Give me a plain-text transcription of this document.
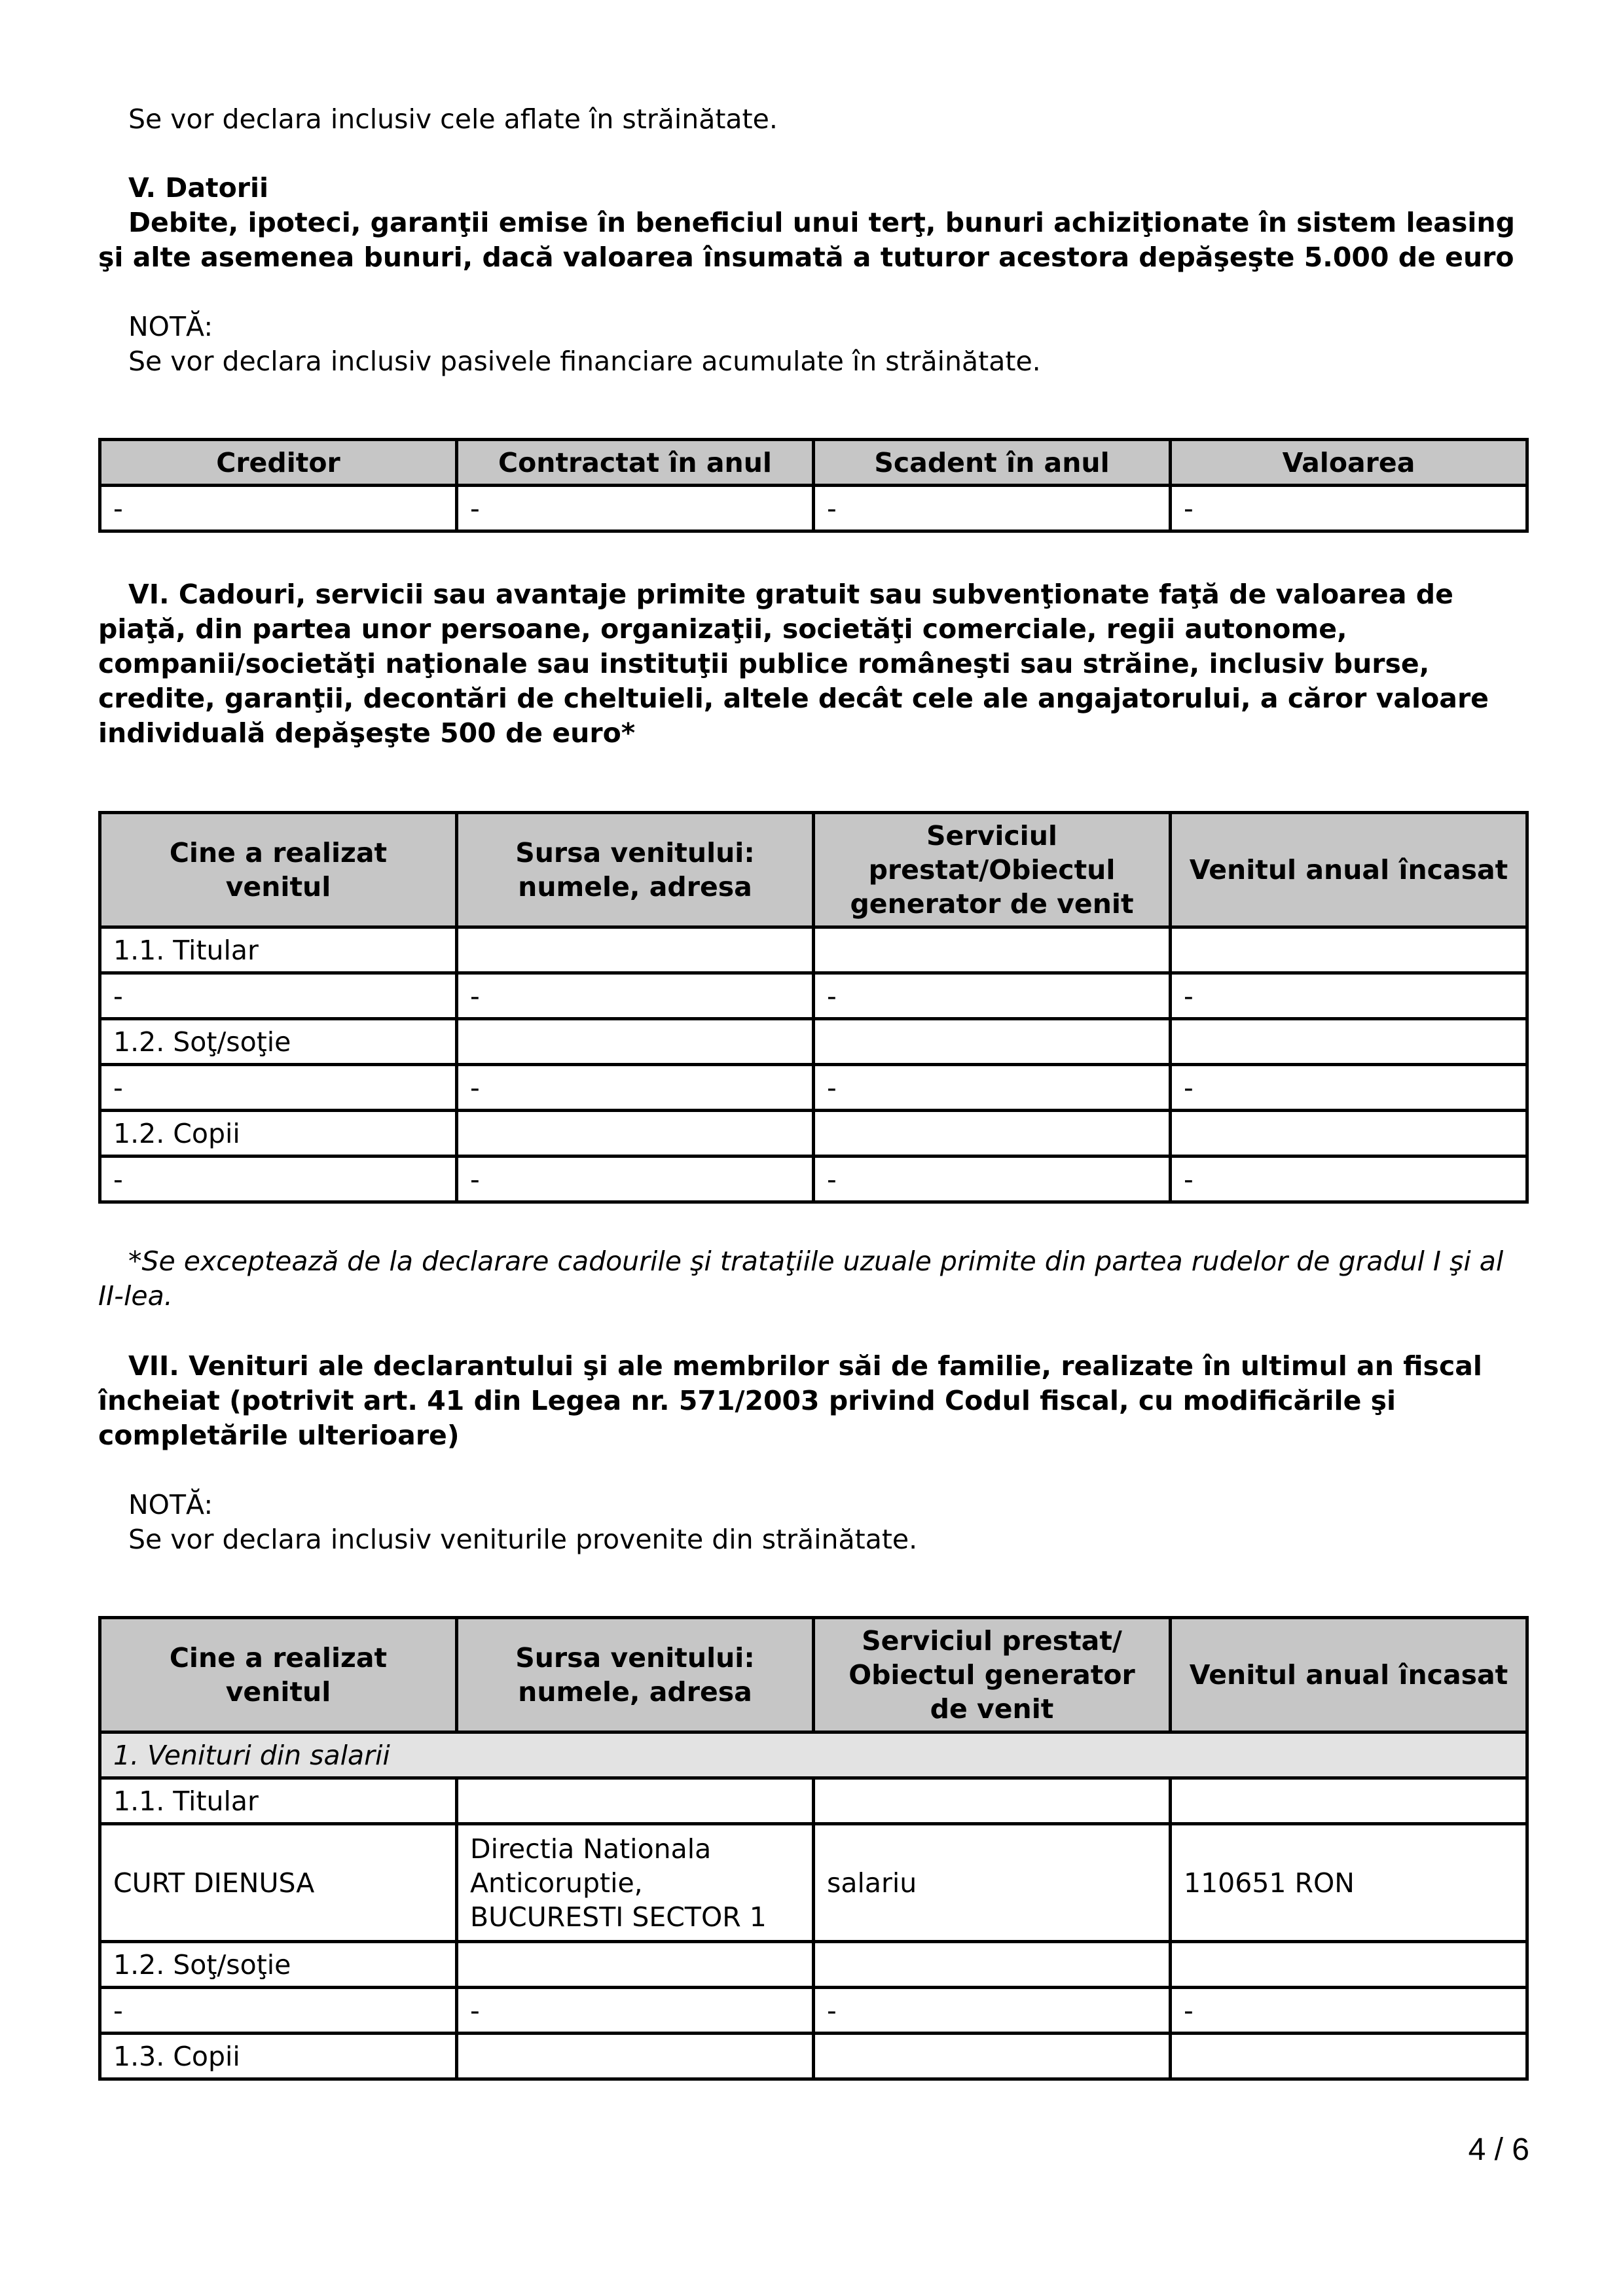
Se vor declara inclusiv cele aflate în străinătate.

V. Datorii

Debite, ipoteci, garanţii emise în beneficiul unui terţ, bunuri achiziţionate în sistem leasing şi alte asemenea bunuri, dacă valoarea însumată a tuturor acestora depăşeşte 5.000 de euro

NOTĂ:

Se vor declara inclusiv pasivele financiare acumulate în străinătate.

Creditor	Contractat în anul	Scadent în anul	Valoarea
-	-	-	-

VI. Cadouri, servicii sau avantaje primite gratuit sau subvenţionate faţă de valoarea de piaţă, din partea unor persoane, organizaţii, societăţi comerciale, regii autonome, companii/societăţi naţionale sau instituţii publice româneşti sau străine, inclusiv burse, credite, garanţii, decontări de cheltuieli, altele decât cele ale angajatorului, a căror valoare individuală depăşeşte 500 de euro*

Cine a realizat venitul	Sursa venitului: numele, adresa	Serviciul prestat/Obiectul generator de venit	Venitul anual încasat
1.1. Titular			
-	-	-	-
1.2. Soţ/soţie			
-	-	-	-
1.2. Copii			
-	-	-	-

*Se exceptează de la declarare cadourile şi trataţiile uzuale primite din partea rudelor de gradul I şi al II-lea.

VII. Venituri ale declarantului şi ale membrilor săi de familie, realizate în ultimul an fiscal încheiat (potrivit art. 41 din Legea nr. 571/2003 privind Codul fiscal, cu modificările şi completările ulterioare)

NOTĂ:

Se vor declara inclusiv veniturile provenite din străinătate.

Cine a realizat venitul	Sursa venitului: numele, adresa	Serviciul prestat/ Obiectul generator de venit	Venitul anual încasat
1. Venituri din salarii			
1.1. Titular			
CURT DIENUSA	Directia Nationala Anticoruptie, BUCURESTI SECTOR 1	salariu	110651 RON
1.2. Soţ/soţie			
-	-	-	-
1.3. Copii			
4 / 6
